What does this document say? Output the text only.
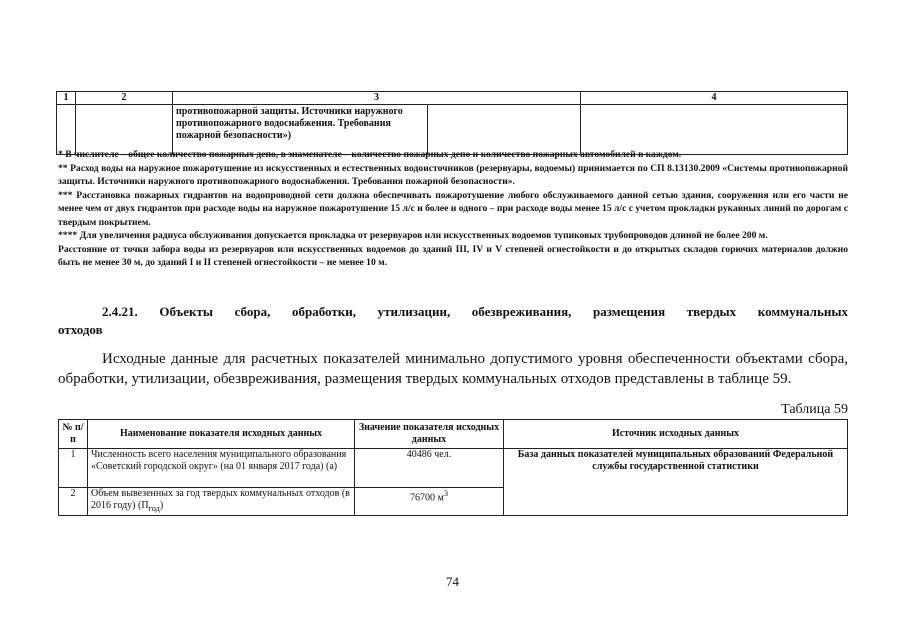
1	2	3		4
		противопожарной защиты. Источники наружного противопожарного водоснабжения. Требования пожарной безопасности»)		

* В числителе – общее количество пожарных депо, в знаменателе – количество пожарных депо и количество пожарных автомобилей в каждом.

** Расход воды на наружное пожаротушение из искусственных и естественных водоисточников (резервуары, водоемы) принимается по СП 8.13130.2009 «Системы противопожарной защиты. Источники наружного противопожарного водоснабжения. Требования пожарной безопасности».

*** Расстановка пожарных гидрантов на водопроводной сети должна обеспечивать пожаротушение любого обслуживаемого данной сетью здания, сооружения или его части не менее чем от двух гидрантов при расходе воды на наружное пожаротушение 15 л/с и более и одного – при расходе воды менее 15 л/с с учетом прокладки рукавных линий по дорогам с твердым покрытием.

**** Для увеличения радиуса обслуживания допускается прокладка от резервуаров или искусственных водоемов тупиковых трубопроводов длиной не более 200 м.

Расстояние от точки забора воды из резервуаров или искусственных водоемов до зданий III, IV и V степеней огнестойкости и до открытых складов горючих материалов должно быть не менее 30 м, до зданий I и II степеней огнестойкости – не менее 10 м.

2.4.21. Объекты сбора, обработки, утилизации, обезвреживания, размещения твердых коммунальных
отходов
Исходные данные для расчетных показателей минимально допустимого уровня обеспеченности объектами сбора,
обработки, утилизации, обезвреживания, размещения твердых коммунальных отходов представлены в таблице 59.
Таблица 59
№ п/п	Наименование показателя исходных данных	Значение показателя исходных данных	Источник исходных данных
1	Численность всего населения муниципального образования «Советский городской округ» (на 01 января 2017 года) (а)	40486 чел.	База данных показателей муниципальных образований Федеральной службы государственной статистики
2	Объем вывезенных за год твердых коммунальных отходов (в 2016 году) $(П_{год})$	76700 $м^3$
74
